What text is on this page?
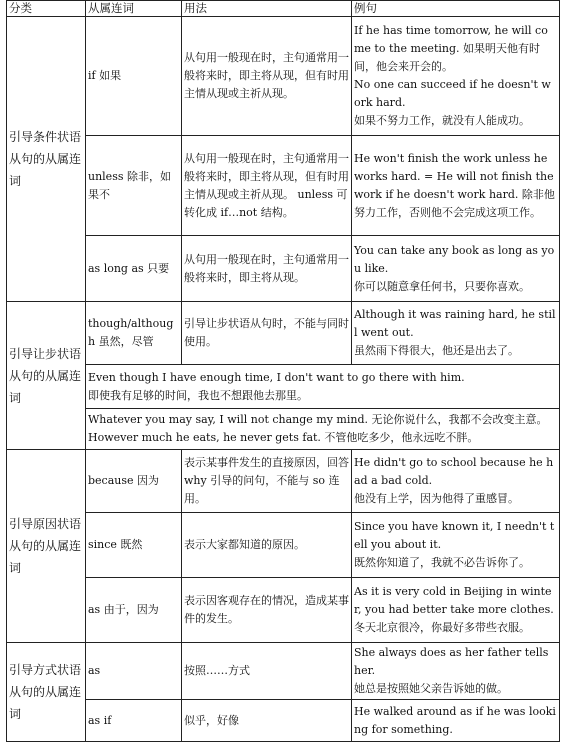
分类	从属连词	用法	例句
引导条件状语从句的从属连词	if 如果	从句用一般现在时，主句通常用一般将来时，即主将从现，但有时用主情从现或主祈从现。	If he has time tomorrow, he will come to the meeting. 如果明天他有时间，他会来开会的。
No one can succeed if he doesn't work hard.
如果不努力工作，就没有人能成功。

	unless 除非，如果不	从句用一般现在时，主句通常用一般将来时，即主将从现，但有时用主情从现或主祈从现。 unless 可转化成 if…not 结构。	He won't finish the work unless he works hard. = He will not finish the work if he doesn't work hard. 除非他努力工作，否则他不会完成这项工作。

	as long as 只要	从句用一般现在时，主句通常用一般将来时，即主将从现。	You can take any book as long as you like.
你可以随意拿任何书，只要你喜欢。

引导让步状语从句的从属连词	though/although 虽然，尽管	引导让步状语从句时，不能与同时使用。	Although it was raining hard, he still went out.
虽然雨下得很大，他还是出去了。

	Even though I have enough time, I don't want to go there with him.
即使我有足够的时间，我也不想跟他去那里。		

	Whatever you may say, I will not change my mind. 无论你说什么，我都不会改变主意。
However much he eats, he never gets fat. 不管他吃多少，他永远吃不胖。		

引导原因状语从句的从属连词	because 因为	表示某事件发生的直接原因，回答 why 引导的问句，不能与 so 连用。	He didn't go to school because he had a bad cold.
他没有上学，因为他得了重感冒。

	since 既然	表示大家都知道的原因。	Since you have known it, I needn't tell you about it.
既然你知道了，我就不必告诉你了。

	as 由于，因为	表示因客观存在的情况，造成某事件的发生。	As it is very cold in Beijing in winter, you had better take more clothes.
冬天北京很冷，你最好多带些衣服。

引导方式状语从句的从属连词	as	按照……方式	She always does as her father tells her.
她总是按照她父亲告诉她的做。

	as if	似乎，好像	He walked around as if he was looking for something.
